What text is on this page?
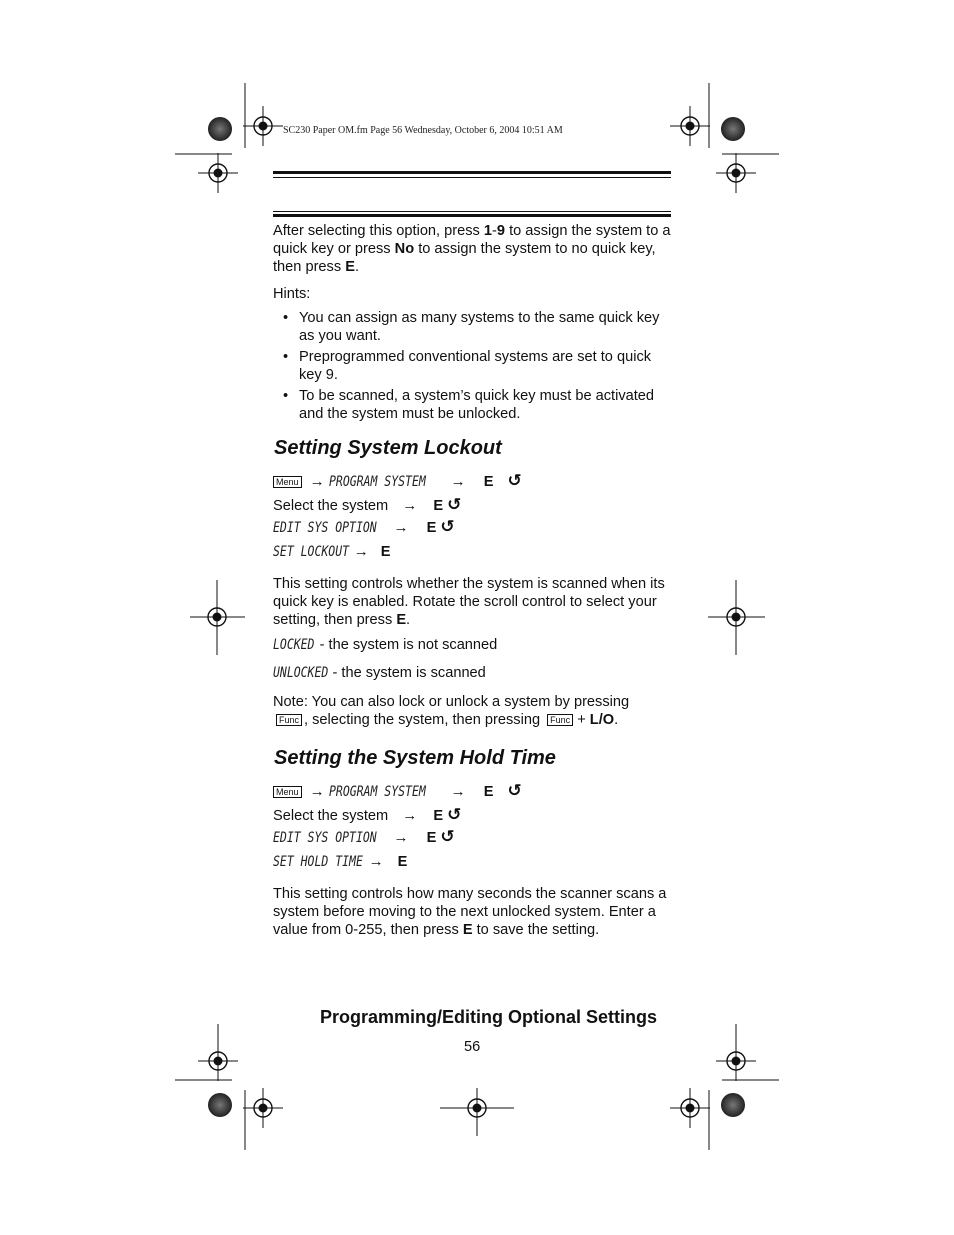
SC230 Paper OM.fm Page 56 Wednesday, October 6, 2004 10:51 AM
After selecting this option, press 1-9 to assign the system to a quick key or press No to assign the system to no quick key, then press E.
Hints:
• You can assign as many systems to the same quick key as you want.
• Preprogrammed conventional systems are set to quick key 9.
• To be scanned, a system’s quick key must be activated and the system must be unlocked.
Setting System Lockout
Menu → PROGRAM SYSTEM → E ↺
Select the system → E ↺
EDIT SYS OPTION → E ↺
SET LOCKOUT → E
This setting controls whether the system is scanned when its quick key is enabled. Rotate the scroll control to select your setting, then press E.
LOCKED - the system is not scanned
UNLOCKED - the system is scanned
Note: You can also lock or unlock a system by pressing
Func , selecting the system, then pressing Func + L/O.
Setting the System Hold Time
Menu → PROGRAM SYSTEM → E ↺
Select the system → E ↺
EDIT SYS OPTION → E ↺
SET HOLD TIME → E
This setting controls how many seconds the scanner scans a system before moving to the next unlocked system. Enter a value from 0-255, then press E to save the setting.
Programming/Editing Optional Settings
56
